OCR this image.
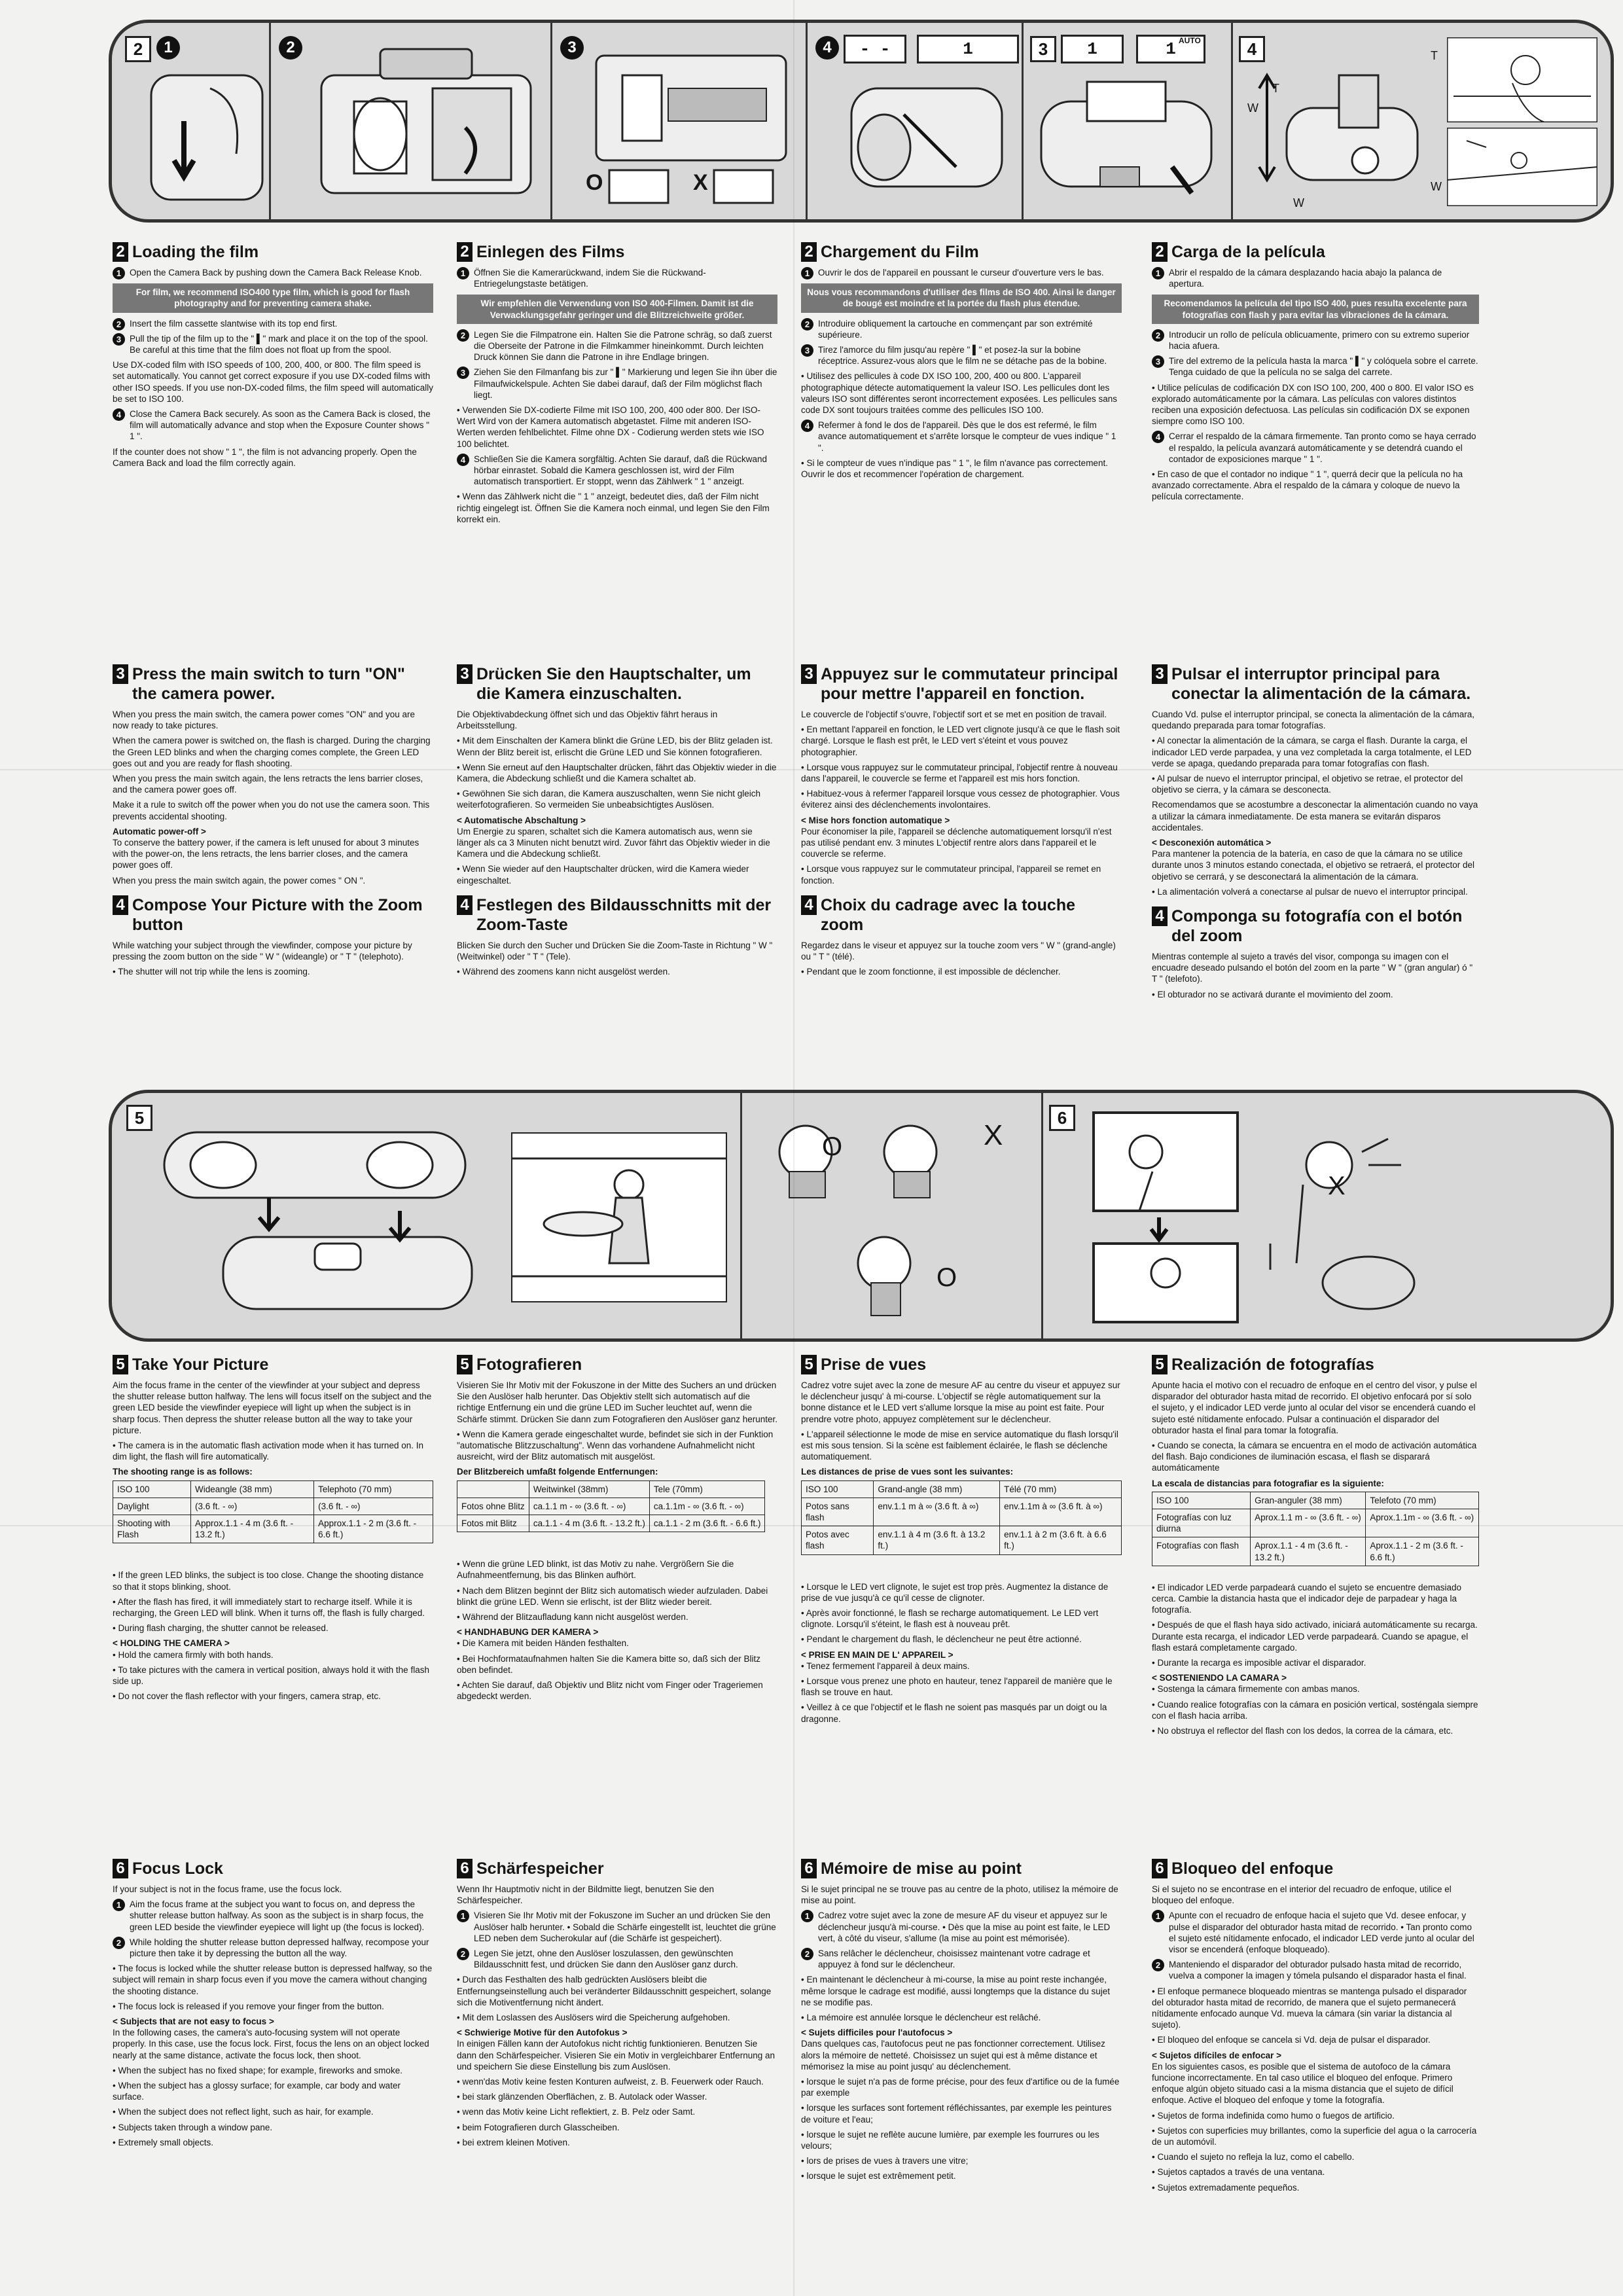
2	1	2	3
O	X
4	- -	1	3	1	1 AUTO	4
T
W
W
T
W
2 Loading the film
1 Open the Camera Back by pushing down the Camera Back Release Knob.
For film, we recommend ISO400 type film, which is good for flash photography and for preventing camera shake.
2 Insert the film cassette slantwise with its top end first.
3 Pull the tip of the film up to the " ▌" mark and place it on the top of the spool. Be careful at this time that the film does not float up from the spool.

Use DX-coded film with ISO speeds of 100, 200, 400, or 800. The film speed is set automatically. You cannot get correct exposure if you use DX-coded films with other ISO speeds. If you use non-DX-coded films, the film speed will automatically be set to ISO 100.

4 Close the Camera Back securely. As soon as the Camera Back is closed, the film will automatically advance and stop when the Exposure Counter shows " 1 ".

If the counter does not show " 1 ", the film is not advancing properly. Open the Camera Back and load the film correctly again.

2 Einlegen des Films
1 Öffnen Sie die Kamerarückwand, indem Sie die Rückwand-Entriegelungstaste betätigen.
Wir empfehlen die Verwendung von ISO 400-Filmen. Damit ist die Verwacklungsgefahr geringer und die Blitzreichweite größer.
2 Legen Sie die Filmpatrone ein. Halten Sie die Patrone schräg, so daß zuerst die Oberseite der Patrone in die Filmkammer hineinkommt. Durch leichten Druck können Sie dann die Patrone in ihre Endlage bringen.
3 Ziehen Sie den Filmanfang bis zur " ▌" Markierung und legen Sie ihn über die Filmaufwickelspule. Achten Sie dabei darauf, daß der Film möglichst flach liegt.

• Verwenden Sie DX-codierte Filme mit ISO 100, 200, 400 oder 800. Der ISO-Wert Wird von der Kamera automatisch abgetastet. Filme mit anderen ISO-Werten werden fehlbelichtet. Filme ohne DX - Codierung werden stets wie ISO 100 belichtet.

4 Schließen Sie die Kamera sorgfältig. Achten Sie darauf, daß die Rückwand hörbar einrastet. Sobald die Kamera geschlossen ist, wird der Film automatisch transportiert. Er stoppt, wenn das Zählwerk " 1 " anzeigt.

• Wenn das Zählwerk nicht die " 1 " anzeigt, bedeutet dies, daß der Film nicht richtig eingelegt ist. Öffnen Sie die Kamera noch einmal, und legen Sie den Film korrekt ein.

2 Chargement du Film
1 Ouvrir le dos de l'appareil en poussant le curseur d'ouverture vers le bas.
Nous vous recommandons d'utiliser des films de ISO 400. Ainsi le danger de bougé est moindre et la portée du flash plus étendue.
2 Introduire obliquement la cartouche en commençant par son extrémité supérieure.
3 Tirez l'amorce du film jusqu'au repère " ▌" et posez-la sur la bobine réceptrice. Assurez-vous alors que le film ne se détache pas de la bobine.

• Utilisez des pellicules à code DX ISO 100, 200, 400 ou 800. L'appareil photographique détecte automatiquement la valeur ISO. Les pellicules dont les valeurs ISO sont différentes seront incorrectement exposées. Les pellicules sans code DX sont toujours traitées comme des pellicules ISO 100.

4 Refermer à fond le dos de l'appareil. Dès que le dos est refermé, le film avance automatiquement et s'arrête lorsque le compteur de vues indique " 1 ".

• Si le compteur de vues n'indique pas " 1 ", le film n'avance pas correctement. Ouvrir le dos et recommencer l'opération de chargement.

2 Carga de la película
1 Abrir el respaldo de la cámara desplazando hacia abajo la palanca de apertura.
Recomendamos la película del tipo ISO 400, pues resulta excelente para fotografías con flash y para evitar las vibraciones de la cámara.
2 Introducir un rollo de película oblicuamente, primero con su extremo superior hacia afuera.
3 Tire del extremo de la película hasta la marca " ▌" y colóquela sobre el carrete. Tenga cuidado de que la película no se salga del carrete.

• Utilice películas de codificación DX con ISO 100, 200, 400 o 800. El valor ISO es explorado automáticamente por la cámara. Las películas con valores distintos reciben una exposición defectuosa. Las películas sin codificación DX se exponen siempre como ISO 100.

4 Cerrar el respaldo de la cámara firmemente. Tan pronto como se haya cerrado el respaldo, la película avanzará automáticamente y se detendrá cuando el contador de exposiciones marque " 1 ".

• En caso de que el contador no indique " 1 ", querrá decir que la película no ha avanzado correctamente. Abra el respaldo de la cámara y coloque de nuevo la película correctamente.

3 Press the main switch to turn "ON" the camera power.

When you press the main switch, the camera power comes "ON" and you are now ready to take pictures.

When the camera power is switched on, the flash is charged. During the charging the Green LED blinks and when the charging comes complete, the Green LED goes out and you are ready for flash shooting.

When you press the main switch again, the lens retracts the lens barrier closes, and the camera power goes off.

Make it a rule to switch off the power when you do not use the camera soon. This prevents accidental shooting.

Automatic power-off >

To conserve the battery power, if the camera is left unused for about 3 minutes with the power-on, the lens retracts, the lens barrier closes, and the camera power goes off.

When you press the main switch again, the power comes " ON ".

4 Compose Your Picture with the Zoom button

While watching your subject through the viewfinder, compose your picture by pressing the zoom button on the side " W " (wideangle) or " T " (telephoto).

• The shutter will not trip while the lens is zooming.

3 Drücken Sie den Hauptschalter, um die Kamera einzuschalten.

Die Objektivabdeckung öffnet sich und das Objektiv fährt heraus in Arbeitsstellung.

• Mit dem Einschalten der Kamera blinkt die Grüne LED, bis der Blitz geladen ist. Wenn der Blitz bereit ist, erlischt die Grüne LED und Sie können fotografieren.

• Wenn Sie erneut auf den Hauptschalter drücken, fährt das Objektiv wieder in die Kamera, die Abdeckung schließt und die Kamera schaltet ab.

• Gewöhnen Sie sich daran, die Kamera auszuschalten, wenn Sie nicht gleich weiterfotografieren. So vermeiden Sie unbeabsichtigtes Auslösen.

< Automatische Abschaltung >

Um Energie zu sparen, schaltet sich die Kamera automatisch aus, wenn sie länger als ca 3 Minuten nicht benutzt wird. Zuvor fährt das Objektiv wieder in die Kamera und die Abdeckung schließt.

• Wenn Sie wieder auf den Hauptschalter drücken, wird die Kamera wieder eingeschaltet.

4 Festlegen des Bildausschnitts mit der Zoom-Taste

Blicken Sie durch den Sucher und Drücken Sie die Zoom-Taste in Richtung " W " (Weitwinkel) oder " T " (Tele).

• Während des zoomens kann nicht ausgelöst werden.

3 Appuyez sur le commutateur principal pour mettre l'appareil en fonction.

Le couvercle de l'objectif s'ouvre, l'objectif sort et se met en position de travail.

• En mettant l'appareil en fonction, le LED vert clignote jusqu'à ce que le flash soit chargé. Lorsque le flash est prêt, le LED vert s'éteint et vous pouvez photographier.

• Lorsque vous rappuyez sur le commutateur principal, l'objectif rentre à nouveau dans l'appareil, le couvercle se ferme et l'appareil est mis hors fonction.

• Habituez-vous à refermer l'appareil lorsque vous cessez de photographier. Vous éviterez ainsi des déclenchements involontaires.

< Mise hors fonction automatique >

Pour économiser la pile, l'appareil se déclenche automatiquement lorsqu'il n'est pas utilisé pendant env. 3 minutes L'objectif rentre alors dans l'appareil et le couvercle se referme.

• Lorsque vous rappuyez sur le commutateur principal, l'appareil se remet en fonction.

4 Choix du cadrage avec la touche zoom

Regardez dans le viseur et appuyez sur la touche zoom vers " W " (grand-angle) ou " T " (télé).

• Pendant que le zoom fonctionne, il est impossible de déclencher.

3 Pulsar el interruptor principal para conectar la alimentación de la cámara.

Cuando Vd. pulse el interruptor principal, se conecta la alimentación de la cámara, quedando preparada para tomar fotografías.

• Al conectar la alimentación de la cámara, se carga el flash. Durante la carga, el indicador LED verde parpadea, y una vez completada la carga totalmente, el LED verde se apaga, quedando preparada para tomar fotografías con flash.

• Al pulsar de nuevo el interruptor principal, el objetivo se retrae, el protector del objetivo se cierra, y la cámara se desconecta.

Recomendamos que se acostumbre a desconectar la alimentación cuando no vaya a utilizar la cámara inmediatamente. De esta manera se evitarán disparos accidentales.

< Desconexión automática >

Para mantener la potencia de la batería, en caso de que la cámara no se utilice durante unos 3 minutos estando conectada, el objetivo se retraerá, el protector del objetivo se cerrará, y se desconectará la alimentación de la cámara.

• La alimentación volverá a conectarse al pulsar de nuevo el interruptor principal.

4 Componga su fotografía con el botón del zoom

Mientras contemple al sujeto a través del visor, componga su imagen con el encuadre deseado pulsando el botón del zoom en la parte " W " (gran angular) ó " T " (telefoto).

• El obturador no se activará durante el movimiento del zoom.

5
O	X
O
6
X
5 Take Your Picture

Aim the focus frame in the center of the viewfinder at your subject and depress the shutter release button halfway. The lens will focus itself on the subject and the green LED beside the viewfinder eyepiece will light up when the subject is in sharp focus. Then depress the shutter release button all the way to take your picture.

• The camera is in the automatic flash activation mode when it has turned on. In dim light, the flash will fire automatically.

The shooting range is as follows:
ISO 100	Wideangle (38 mm)	Telephoto (70 mm)
Daylight	(3.6 ft. - ∞)	(3.6 ft. - ∞)
Shooting with Flash	Approx.1.1 - 4 m (3.6 ft. - 13.2 ft.)	Approx.1.1 - 2 m (3.6 ft. - 6.6 ft.)

• If the green LED blinks, the subject is too close. Change the shooting distance so that it stops blinking, shoot.

• After the flash has fired, it will immediately start to recharge itself. While it is recharging, the Green LED will blink. When it turns off, the flash is fully charged.

• During flash charging, the shutter cannot be released.

< HOLDING THE CAMERA >

• Hold the camera firmly with both hands.

• To take pictures with the camera in vertical position, always hold it with the flash side up.

• Do not cover the flash reflector with your fingers, camera strap, etc.

5 Fotografieren

Visieren Sie Ihr Motiv mit der Fokuszone in der Mitte des Suchers an und drücken Sie den Auslöser halb herunter. Das Objektiv stellt sich automatisch auf die richtige Entfernung ein und die grüne LED im Sucher leuchtet auf, wenn die Schärfe stimmt. Drücken Sie dann zum Fotografieren den Auslöser ganz herunter.

• Wenn die Kamera gerade eingeschaltet wurde, befindet sie sich in der Funktion "automatische Blitzzuschaltung". Wenn das vorhandene Aufnahmelicht nicht ausreicht, wird der Blitz automatisch mit ausgelöst.

Der Blitzbereich umfaßt folgende Entfernungen:
	Weitwinkel (38mm)	Tele (70mm)
Fotos ohne Blitz	ca.1.1 m - ∞ (3.6 ft. - ∞)	ca.1.1m - ∞ (3.6 ft. - ∞)
Fotos mit Blitz	ca.1.1 - 4 m (3.6 ft. - 13.2 ft.)	ca.1.1 - 2 m (3.6 ft. - 6.6 ft.)

• Wenn die grüne LED blinkt, ist das Motiv zu nahe. Vergrößern Sie die Aufnahmeentfernung, bis das Blinken aufhört.

• Nach dem Blitzen beginnt der Blitz sich automatisch wieder aufzuladen. Dabei blinkt die grüne LED. Wenn sie erlischt, ist der Blitz wieder bereit.

• Während der Blitzaufladung kann nicht ausgelöst werden.

< HANDHABUNG DER KAMERA >

• Die Kamera mit beiden Händen festhalten.

• Bei Hochformataufnahmen halten Sie die Kamera bitte so, daß sich der Blitz oben befindet.

• Achten Sie darauf, daß Objektiv und Blitz nicht vom Finger oder Trageriemen abgedeckt werden.

5 Prise de vues

Cadrez votre sujet avec la zone de mesure AF au centre du viseur et appuyez sur le déclencheur jusqu' à mi-course. L'objectif se règle automatiquement sur la bonne distance et le LED vert s'allume lorsque la mise au point est faite. Pour prendre votre photo, appuyez complètement sur le déclencheur.

• L'appareil sélectionne le mode de mise en service automatique du flash lorsqu'il est mis sous tension. Si la scène est faiblement éclairée, le flash se déclenche automatiquement.

Les distances de prise de vues sont les suivantes:
ISO 100	Grand-angle (38 mm)	Télé (70 mm)
Potos sans flash	env.1.1 m à ∞ (3.6 ft. à ∞)	env.1.1m à ∞ (3.6 ft. à ∞)
Potos avec flash	env.1.1 à 4 m (3.6 ft. à 13.2 ft.)	env.1.1 à 2 m (3.6 ft. à 6.6 ft.)

• Lorsque le LED vert clignote, le sujet est trop près. Augmentez la distance de prise de vue jusqu'à ce qu'il cesse de clignoter.

• Après avoir fonctionné, le flash se recharge automatiquement. Le LED vert clignote. Lorsqu'il s'éteint, le flash est à nouveau prêt.

• Pendant le chargement du flash, le déclencheur ne peut être actionné.

< PRISE EN MAIN DE L' APPAREIL >

• Tenez fermement l'appareil à deux mains.

• Lorsque vous prenez une photo en hauteur, tenez l'appareil de manière que le flash se trouve en haut.

• Veillez à ce que l'objectif et le flash ne soient pas masqués par un doigt ou la dragonne.

5 Realización de fotografías

Apunte hacia el motivo con el recuadro de enfoque en el centro del visor, y pulse el disparador del obturador hasta mitad de recorrido. El objetivo enfocará por sí solo el sujeto, y el indicador LED verde junto al ocular del visor se encenderá cuando el sujeto esté nítidamente enfocado. Pulsar a continuación el disparador del obturador hasta el final para tomar la fotografía.

• Cuando se conecta, la cámara se encuentra en el modo de activación automática del flash. Bajo condiciones de iluminación escasa, el flash se disparará automáticamente

La escala de distancias para fotografiar es la siguiente:
ISO 100	Gran-anguler (38 mm)	Telefoto (70 mm)
Fotografías con luz diurna	Aprox.1.1 m - ∞ (3.6 ft. - ∞)	Aprox.1.1m - ∞ (3.6 ft. - ∞)
Fotografías con flash	Aprox.1.1 - 4 m (3.6 ft. - 13.2 ft.)	Aprox.1.1 - 2 m (3.6 ft. - 6.6 ft.)

• El indicador LED verde parpadeará cuando el sujeto se encuentre demasiado cerca. Cambie la distancia hasta que el indicador deje de parpadear y haga la fotografía.

• Después de que el flash haya sido activado, iniciará automáticamente su recarga. Durante esta recarga, el indicador LED verde parpadeará. Cuando se apague, el flash estará completamente cargado.

• Durante la recarga es imposible activar el disparador.

< SOSTENIENDO LA CAMARA >

• Sostenga la cámara firmemente con ambas manos.

• Cuando realice fotografías con la cámara en posición vertical, sosténgala siempre con el flash hacia arriba.

• No obstruya el reflector del flash con los dedos, la correa de la cámara, etc.

6 Focus Lock

If your subject is not in the focus frame, use the focus lock.

1 Aim the focus frame at the subject you want to focus on, and depress the shutter release button halfway. As soon as the subject is in sharp focus, the green LED beside the viewfinder eyepiece will light up (the focus is locked).
2 While holding the shutter release button depressed halfway, recompose your picture then take it by depressing the button all the way.

• The focus is locked while the shutter release button is depressed halfway, so the subject will remain in sharp focus even if you move the camera without changing the shooting distance.

• The focus lock is released if you remove your finger from the button.

< Subjects that are not easy to focus >

In the following cases, the camera's auto-focusing system will not operate properly. In this case, use the focus lock. First, focus the lens on an object locked nearly at the same distance, activate the focus lock, then shoot.

• When the subject has no fixed shape; for example, fireworks and smoke.

• When the subject has a glossy surface; for example, car body and water surface.

• When the subject does not reflect light, such as hair, for example.

• Subjects taken through a window pane.

• Extremely small objects.

6 Schärfespeicher

Wenn Ihr Hauptmotiv nicht in der Bildmitte liegt, benutzen Sie den Schärfespeicher.

1 Visieren Sie Ihr Motiv mit der Fokuszone im Sucher an und drücken Sie den Auslöser halb herunter. • Sobald die Schärfe eingestellt ist, leuchtet die grüne LED neben dem Sucherokular auf (die Schärfe ist gespeichert).
2 Legen Sie jetzt, ohne den Auslöser loszulassen, den gewünschten Bildausschnitt fest, und drücken Sie dann den Auslöser ganz durch.

• Durch das Festhalten des halb gedrückten Auslösers bleibt die Entfernungseinstellung auch bei veränderter Bildausschnitt gespeichert, solange sich die Motiventfernung nicht ändert.

• Mit dem Loslassen des Auslösers wird die Speicherung aufgehoben.

< Schwierige Motive für den Autofokus >

In einigen Fällen kann der Autofokus nicht richtig funktionieren. Benutzen Sie dann den Schärfespeicher. Visieren Sie ein Motiv in vergleichbarer Entfernung an und speichern Sie diese Einstellung bis zum Auslösen.

• wenn'das Motiv keine festen Konturen aufweist, z. B. Feuerwerk oder Rauch.

• bei stark glänzenden Oberflächen, z. B. Autolack oder Wasser.

• wenn das Motiv keine Licht reflektiert, z. B. Pelz oder Samt.

• beim Fotografieren durch Glasscheiben.

• bei extrem kleinen Motiven.

6 Mémoire de mise au point

Si le sujet principal ne se trouve pas au centre de la photo, utilisez la mémoire de mise au point.

1 Cadrez votre sujet avec la zone de mesure AF du viseur et appuyez sur le déclencheur jusqu'à mi-course. • Dès que la mise au point est faite, le LED vert, à côté du viseur, s'allume (la mise au point est mémorisée).
2 Sans relâcher le déclencheur, choisissez maintenant votre cadrage et appuyez à fond sur le déclencheur.

• En maintenant le déclencheur à mi-course, la mise au point reste inchangée, même lorsque le cadrage est modifié, aussi longtemps que la distance du sujet ne se modifie pas.

• La mémoire est annulée lorsque le déclencheur est relâché.

< Sujets difficiles pour l'autofocus >

Dans quelques cas, l'autofocus peut ne pas fonctionner correctement. Utilisez alors la mémoire de netteté. Choisissez un sujet qui est à même distance et mémorisez la mise au point jusqu' au déclenchement.

• lorsque le sujet n'a pas de forme précise, pour des feux d'artifice ou de la fumée par exemple

• lorsque les surfaces sont fortement réfléchissantes, par exemple les peintures de voiture et l'eau;

• lorsque le sujet ne reflète aucune lumière, par exemple les fourrures ou les velours;

• lors de prises de vues à travers une vitre;

• lorsque le sujet est extrêmement petit.

6 Bloqueo del enfoque

Si el sujeto no se encontrase en el interior del recuadro de enfoque, utilice el bloqueo del enfoque.

1 Apunte con el recuadro de enfoque hacia el sujeto que Vd. desee enfocar, y pulse el disparador del obturador hasta mitad de recorrido. • Tan pronto como el sujeto esté nítidamente enfocado, el indicador LED verde junto al ocular del visor se encenderá (enfoque bloqueado).
2 Manteniendo el disparador del obturador pulsado hasta mitad de recorrido, vuelva a componer la imagen y tómela pulsando el disparador hasta el final.

• El enfoque permanece bloqueado mientras se mantenga pulsado el disparador del obturador hasta mitad de recorrido, de manera que el sujeto permanecerá nítidamente enfocado aunque Vd. mueva la cámara (sin variar la distancia al sujeto).

• El bloqueo del enfoque se cancela si Vd. deja de pulsar el disparador.

< Sujetos difíciles de enfocar >

En los siguientes casos, es posible que el sistema de autofoco de la cámara funcione incorrectamente. En tal caso utilice el bloqueo del enfoque. Primero enfoque algún objeto situado casi a la misma distancia que el sujeto de difícil enfoque. Active el bloqueo del enfoque y tome la fotografía.

• Sujetos de forma indefinida como humo o fuegos de artificio.

• Sujetos con superficies muy brillantes, como la superficie del agua o la carrocería de un automóvil.

• Cuando el sujeto no refleja la luz, como el cabello.

• Sujetos captados a través de una ventana.

• Sujetos extremadamente pequeños.
